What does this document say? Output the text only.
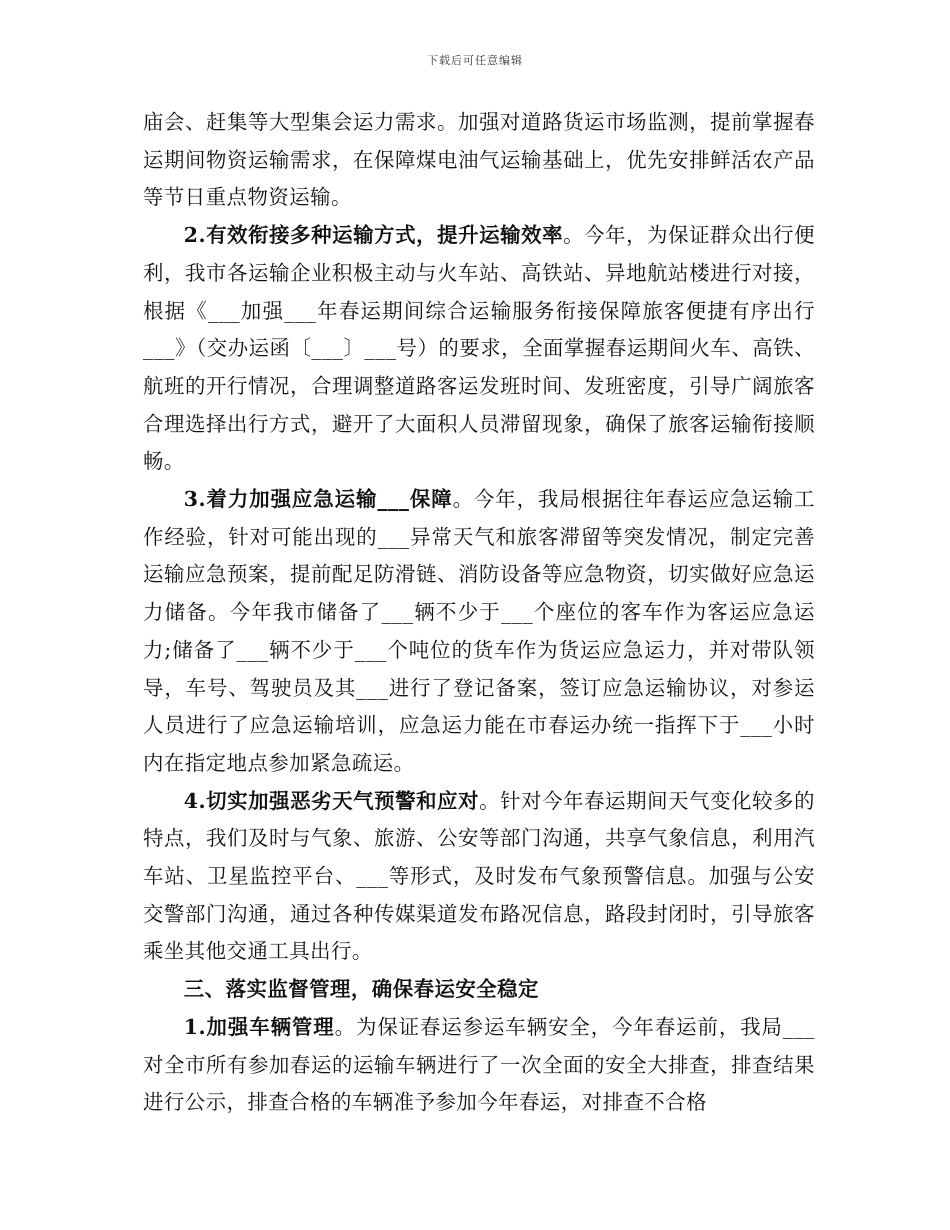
下载后可任意编辑

庙会、赶集等大型集会运力需求。加强对道路货运市场监测，提前掌握春运期间物资运输需求，在保障煤电油气运输基础上，优先安排鲜活农产品等节日重点物资运输。

2.有效衔接多种运输方式，提升运输效率。今年，为保证群众出行便利，我市各运输企业积极主动与火车站、高铁站、异地航站楼进行对接，根据《___加强___年春运期间综合运输服务衔接保障旅客便捷有序出行___》（交办运函〔___〕___号）的要求，全面掌握春运期间火车、高铁、航班的开行情况，合理调整道路客运发班时间、发班密度，引导广阔旅客合理选择出行方式，避开了大面积人员滞留现象，确保了旅客运输衔接顺畅。

3.着力加强应急运输___保障。今年，我局根据往年春运应急运输工作经验，针对可能出现的___异常天气和旅客滞留等突发情况，制定完善运输应急预案，提前配足防滑链、消防设备等应急物资，切实做好应急运力储备。今年我市储备了___辆不少于___个座位的客车作为客运应急运力;储备了___辆不少于___个吨位的货车作为货运应急运力，并对带队领导，车号、驾驶员及其___进行了登记备案，签订应急运输协议，对参运人员进行了应急运输培训，应急运力能在市春运办统一指挥下于___小时内在指定地点参加紧急疏运。

4.切实加强恶劣天气预警和应对。针对今年春运期间天气变化较多的特点，我们及时与气象、旅游、公安等部门沟通，共享气象信息，利用汽车站、卫星监控平台、___等形式，及时发布气象预警信息。加强与公安交警部门沟通，通过各种传媒渠道发布路况信息，路段封闭时，引导旅客乘坐其他交通工具出行。

三、落实监督管理，确保春运安全稳定

1.加强车辆管理。为保证春运参运车辆安全，今年春运前，我局___对全市所有参加春运的运输车辆进行了一次全面的安全大排查，排查结果进行公示，排查合格的车辆准予参加今年春运，对排查不合格
